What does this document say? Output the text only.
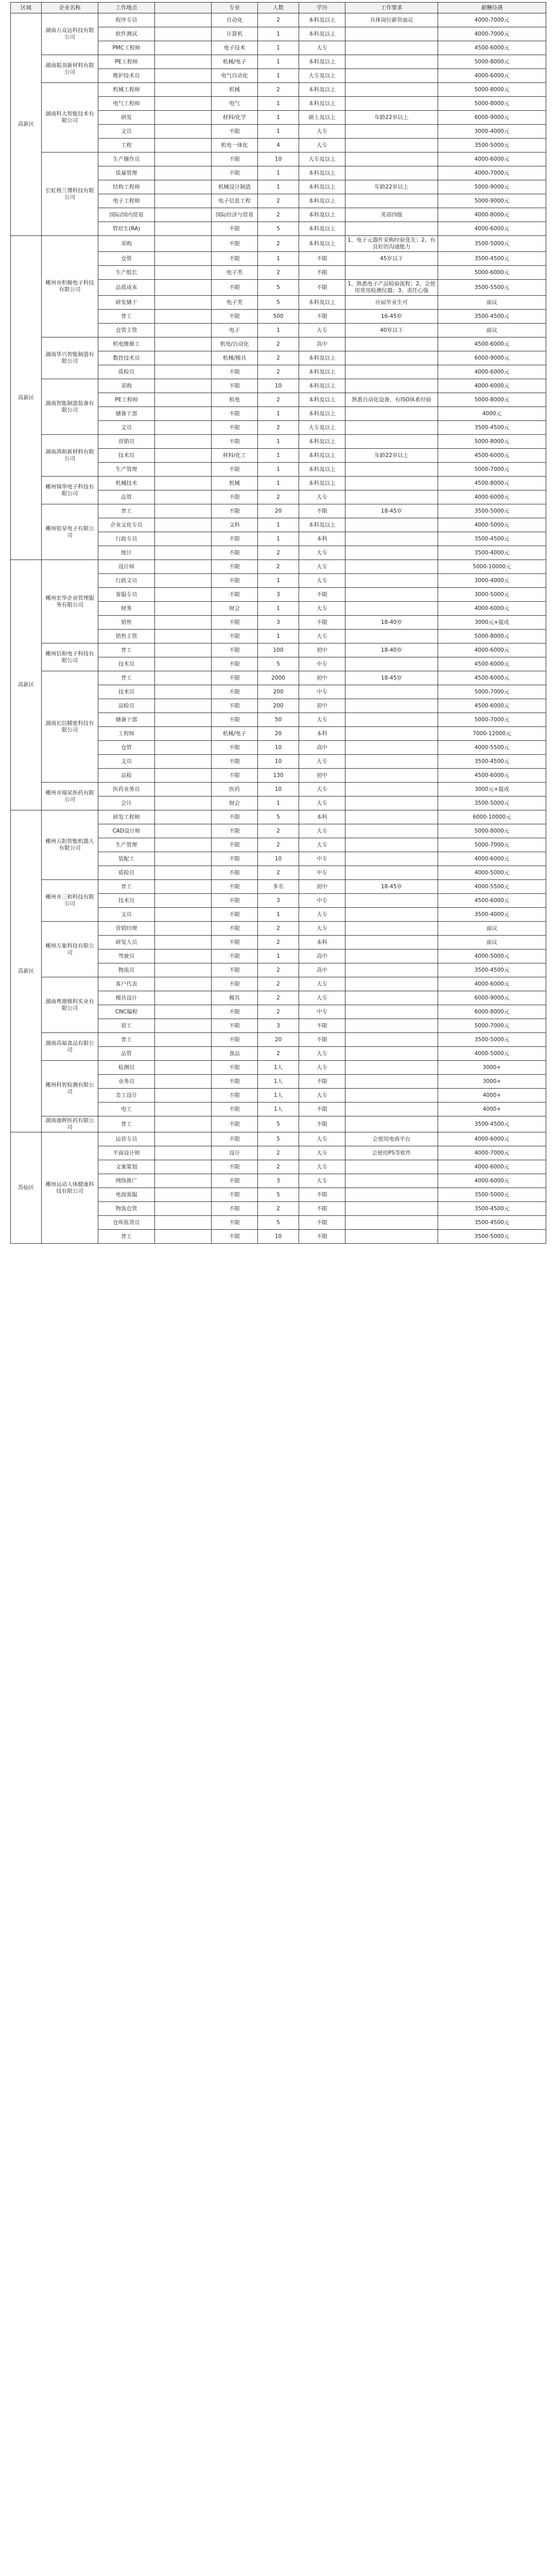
区域	企业名称	工作地点		专业	人数	学历	工作要求	薪酬待遇
高新区	湖南万众达科技有限公司	程序专员		自动化	2	本科及以上	具体岗位薪资面议	4000-7000元
		软件测试		计算机	1	本科及以上		4000-7000元
		PMC工程师		电子技术	1	大专		4500-6000元
	湖南振羽新材料有限公司	PE工程师		机械/电子	1	本科及以上		5000-8000元
		维护技术员		电气自动化	1	大专及以上		4000-6000元
	湖南科大智能技术有限公司	机械工程师		机械	2	本科及以上		5000-8000元
		电气工程师		电气	1	本科及以上		5000-8000元
		研发		材料/化学	1	硕士及以上	年龄22岁以上	6000-9000元
		文员		不限	1	大专		3000-4000元
		工程		机电一体化	4	大专		3500-5000元
	长虹格兰博科技有限公司	生产操作员		不限	10	大专及以上		4000-6000元
		质量管理		不限	1	本科及以上		4000-7000元
		结构工程师		机械设计制造	1	本科及以上	年龄22岁以上	5000-9000元
		电子工程师		电子信息工程	2	本科及以上		5000-9000元
		国际/国内贸易		国际经济与贸易	2	本科及以上	英语四级	4000-8000元
		管培生(RA)		不限	5	本科及以上		4000-6000元
高新区	郴州市积极电子科技有限公司	采购		不限	2	本科及以上	1、电子元器件采购经验优先；2、有良好的沟通能力	3500-5000元
		仓管		不限	1	不限	45岁以下	3500-4500元
		生产组长		电子类	2	不限		5000-6000元
		品质成本		不限	5	不限	1、熟悉电子产品检验流程；2、会使用常用检测仪器；3、责任心强	3500-5500元
		研发储干		电子类	5	本科及以上	应届毕业生可	面议
		普工		不限	500	不限	16-45岁	3500-4500元
		仓管主管		电子	1	大专	40岁以下	面议
	湖南华兴智能制造有限公司	机电维修工		机电/自动化	2	高中		4500-6000元
		数控技术员		机械/模具	2	本科及以上		6000-9000元
		质检员		不限	2	本科及以上		4000-6000元
	湖南智能制造装备有限公司	采购		不限	10	本科及以上		4000-6000元
		PE工程师		机电	2	本科及以上	熟悉自动化设备、有ISO体系经验	5000-8000元
		储备干部		不限	1	本科及以上		4000元
		文员		不限	2	大专及以上		3500-4500元
	湖南鸿和新材料有限公司	营销员		不限	1	本科及以上		5000-8000元
		技术员		材料/化工	1	本科及以上	年龄22岁以上	4500-6000元
		生产管理		不限	1	本科及以上		5000-7000元
	郴州锦华电子科技有限公司	机械技术		机械	1	本科及以上		4500-8000元
		品管		不限	2	大专		4000-6000元
	郴州银星电子有限公司	普工		不限	20	不限	18-45岁	3500-5000元
		企业文化专员		文科	1	本科及以上		4000-5000元
		行政专员		不限	1	本科		3500-4500元
		统计		不限	2	大专		3500-4000元
高新区	郴州宏华企业管理服务有限公司	设计师		不限	2	大专		5000-10000元
		行政文员		不限	1	大专		3000-4000元
		客服专员		不限	3	不限		3000-5000元
		财务		财会	1	大专		4000-6000元
		销售		不限	3	不限	18-40岁	3000元+提成
		销售主管		不限	1	大专		5000-8000元
	郴州信和电子科技有限公司	普工		不限	100	初中	18-40岁	4000-6000元
		技术员		不限	5	中专		4500-6000元
	湖南长信精密科技有限公司	普工		不限	2000	初中	18-45岁	4500-6000元
		技术员		不限	200	中专		5000-7000元
		品检员		不限	200	初中		4500-6000元
		储备干部		不限	50	大专		5000-7000元
		工程师		机械/电子	20	本科		7000-12000元
		仓管		不限	10	高中		4000-5500元
		文员		不限	10	大专		3500-4500元
		品检		不限	130	初中		4500-6000元
	郴州市瑞星医药有限公司	医药业务员		医药	10	大专		3000元+提成
		会计		财会	1	大专		3500-5000元
高新区	郴州五阳智能机器人有限公司	研发工程师		不限	5	本科		6000-10000元
		CAD设计师		不限	2	大专		5000-8000元
		生产管理		不限	2	大专		5000-7000元
		装配工		不限	10	中专		4000-6000元
		质检员		不限	2	中专		4000-5000元
	郴州市三和科技有限公司	普工		不限	多名	初中	18-45岁	4000-5500元
		技术员		不限	3	中专		4500-6000元
		文员		不限	1	大专		3500-4000元
	郴州万象科技有限公司	营销经理		不限	2	大专		面议
		研发人员		不限	2	本科		面议
		驾驶员		不限	1	高中		4000-5000元
		物流员		不限	2	高中		3500-4500元
	湖南粤港模科实业有限公司	客户代表		不限	2	大专		4000-6000元
		模具设计		模具	2	大专		6000-9000元
		CNC编程		不限	2	中专		6000-8000元
		钳工		不限	3	不限		5000-7000元
	湖南高福食品有限公司	普工		不限	20	不限		3500-5000元
		品管		食品	2	大专		4000-5000元
	郴州科智检测有限公司	检测员		不限	1人	大专		3000+
		业务员		不限	1人	不限		3000+
		美工设计		不限	1人	大专		4000+
		电工		不限	1人	不限		4000+
	湖南康辉医药有限公司	普工		不限	5	不限		3500-4500元
苏仙区	郴州运动人体健康科技有限公司	运营专员		不限	5	大专	会使用电商平台	4000-6000元
		平面设计师		设计	2	大专	会使用PS等软件	4000-7000元
		文案策划		不限	2	大专		4000-6000元
		网络推广		不限	3	大专		4000-6000元
		电商客服		不限	5	不限		3500-5000元
		物流仓管		不限	2	不限		3500-4500元
		仓库拣货员		不限	5	不限		3500-4500元
		普工		不限	10	不限		3500-5000元
